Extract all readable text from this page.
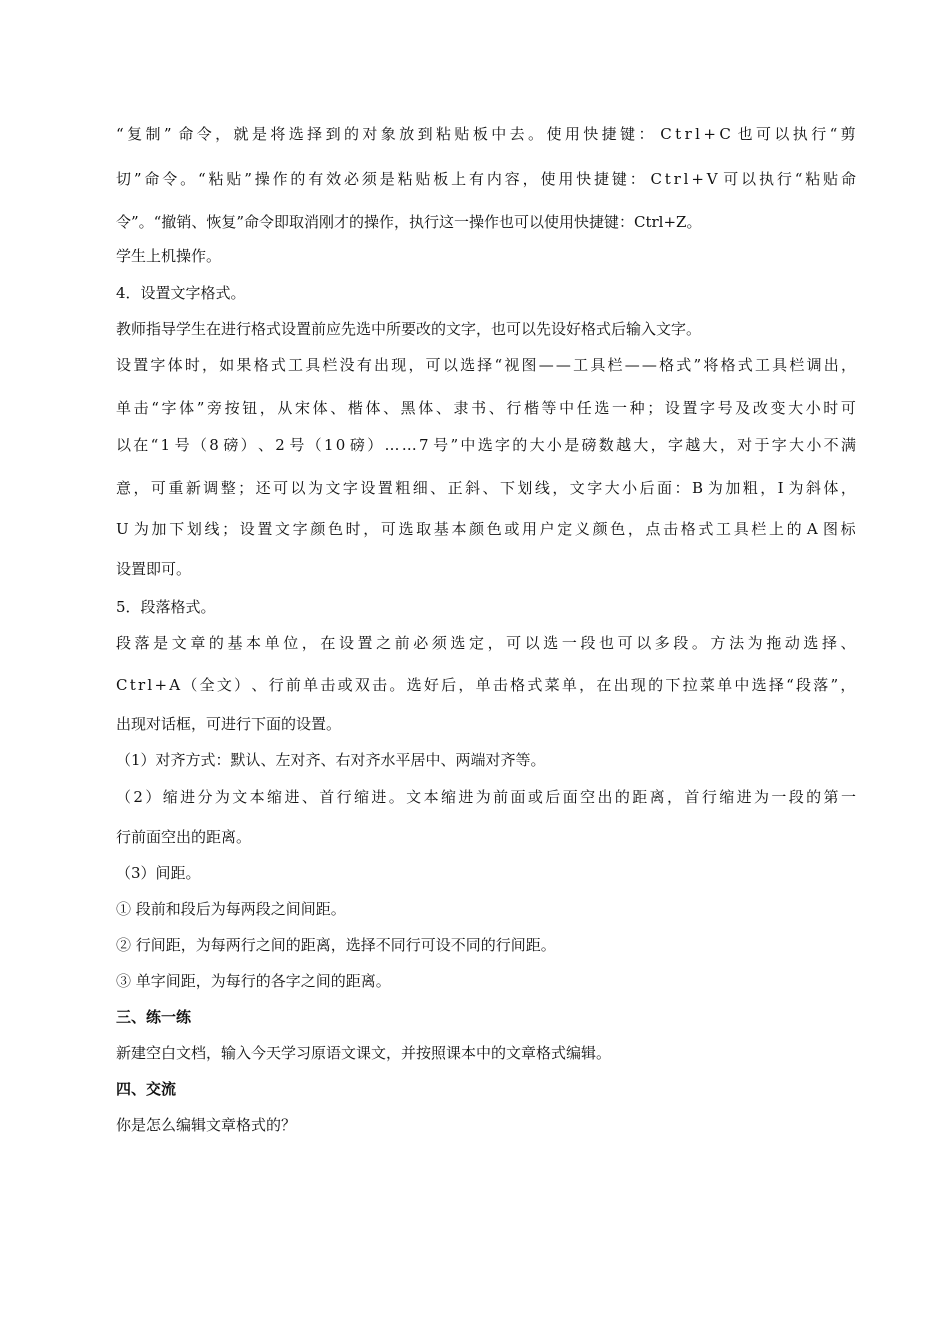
“ 复 制 ” 命 令 ， 就 是 将 选 择 到 的 对 象 放 到 粘 贴 板 中 去 。 使 用 快 捷 键 ： C t r l + C 也 可 以 执 行 “ 剪
切 ” 命 令 。 “ 粘 贴 ” 操 作 的 有 效 必 须 是 粘 贴 板 上 有 内 容 ， 使 用 快 捷 键 ： C t r l + V 可 以 执 行 “ 粘 贴 命
令”。“撤销、恢复”命令即取消刚才的操作，执行这一操作也可以使用快捷键：Ctrl+Z。
学生上机操作。
4．设置文字格式。
教师指导学生在进行格式设置前应先选中所要改的文字，也可以先设好格式后输入文字。
设 置 字 体 时 ， 如 果 格 式 工 具 栏 没 有 出 现 ， 可 以 选 择 “ 视 图 — — 工 具 栏 — — 格 式 ” 将 格 式 工 具 栏 调 出 ，
单 击 “ 字 体 ” 旁 按 钮 ， 从 宋 体 、 楷 体 、 黑 体 、 隶 书 、 行 楷 等 中 任 选 一 种 ； 设 置 字 号 及 改 变 大 小 时 可
以 在 “ 1 号 （ 8 磅 ） 、 2 号 （ 1 0 磅 ） … … 7 号 ” 中 选 字 的 大 小 是 磅 数 越 大 ， 字 越 大 ， 对 于 字 大 小 不 满
意 ， 可 重 新 调 整 ； 还 可 以 为 文 字 设 置 粗 细 、 正 斜 、 下 划 线 ， 文 字 大 小 后 面 ： B 为 加 粗 ， I 为 斜 体 ，
U 为 加 下 划 线 ； 设 置 文 字 颜 色 时 ， 可 选 取 基 本 颜 色 或 用 户 定 义 颜 色 ， 点 击 格 式 工 具 栏 上 的 A 图 标
设置即可。
5．段落格式。
段 落 是 文 章 的 基 本 单 位 ， 在 设 置 之 前 必 须 选 定 ， 可 以 选 一 段 也 可 以 多 段 。 方 法 为 拖 动 选 择 、
C t r l + A （ 全 文 ） 、 行 前 单 击 或 双 击 。 选 好 后 ， 单 击 格 式 菜 单 ， 在 出 现 的 下 拉 菜 单 中 选 择 “ 段 落 ” ，
出现对话框，可进行下面的设置。
（1）对齐方式：默认、左对齐、右对齐水平居中、两端对齐等。
（ 2 ） 缩 进 分 为 文 本 缩 进 、 首 行 缩 进 。 文 本 缩 进 为 前 面 或 后 面 空 出 的 距 离 ， 首 行 缩 进 为 一 段 的 第 一
行前面空出的距离。
（3）间距。
① 段前和段后为每两段之间间距。
② 行间距，为每两行之间的距离，选择不同行可设不同的行间距。
③ 单字间距，为每行的各字之间的距离。
三、练一练
新建空白文档，输入今天学习原语文课文，并按照课本中的文章格式编辑。
四、交流
你是怎么编辑文章格式的？
